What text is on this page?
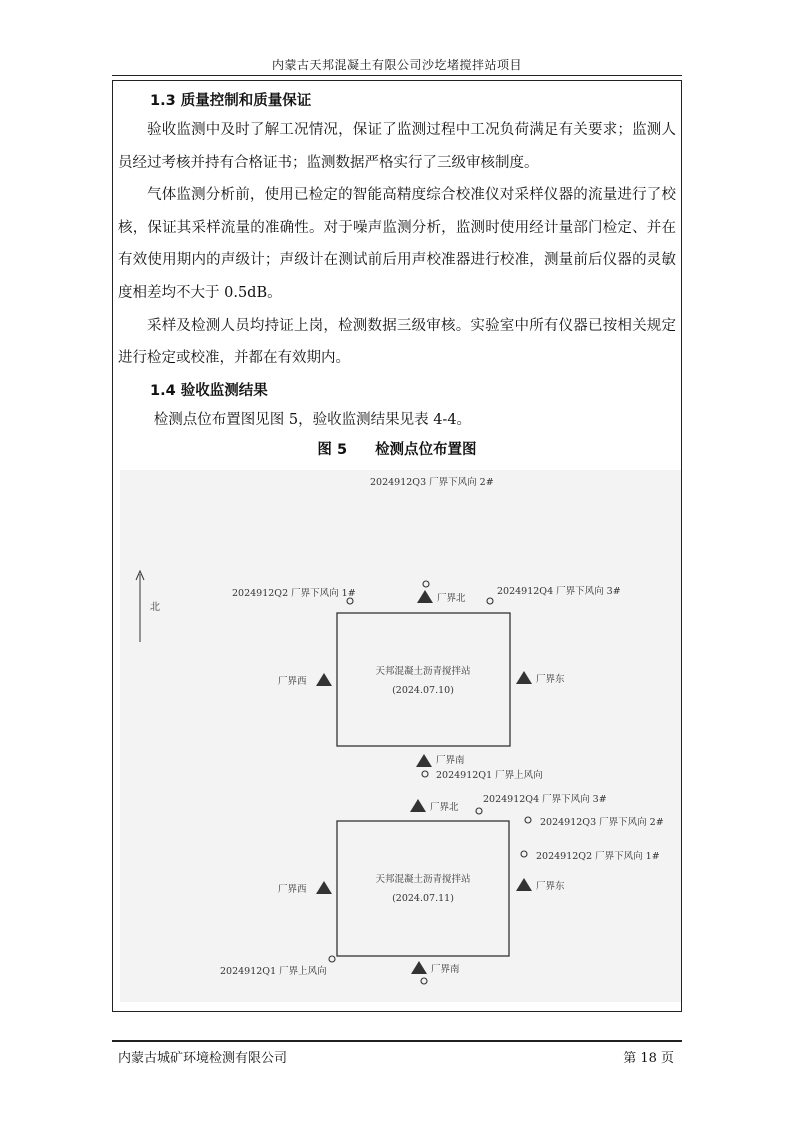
内蒙古天邦混凝土有限公司沙圪堵搅拌站项目

1.3 质量控制和质量保证

验收监测中及时了解工况情况，保证了监测过程中工况负荷满足有关要求；监测人员经过考核并持有合格证书；监测数据严格实行了三级审核制度。

气体监测分析前，使用已检定的智能高精度综合校准仪对采样仪器的流量进行了校核，保证其采样流量的准确性。对于噪声监测分析，监测时使用经计量部门检定、并在有效使用期内的声级计；声级计在测试前后用声校准器进行校准，测量前后仪器的灵敏度相差均不大于 0.5dB。

采样及检测人员均持证上岗，检测数据三级审核。实验室中所有仪器已按相关规定进行检定或校准，并都在有效期内。

1.4 验收监测结果

检测点位布置图见图 5，验收监测结果见表 4-4。

图 5 检测点位布置图
北
2024912Q3 厂界下风向 2#
2024912Q2 厂界下风向 1#	厂界北
2024912Q4 厂界下风向 3#
天邦混凝土沥青搅拌站
(2024.07.10)
厂界西	厂界东
厂界南
2024912Q1 厂界上风向
厂界北
2024912Q4 厂界下风向 3#
2024912Q3 厂界下风向 2#
2024912Q2 厂界下风向 1#
天邦混凝土沥青搅拌站
(2024.07.11)
厂界西	厂界东
2024912Q1 厂界上风向	厂界南
内蒙古城矿环境检测有限公司	第 18 页
